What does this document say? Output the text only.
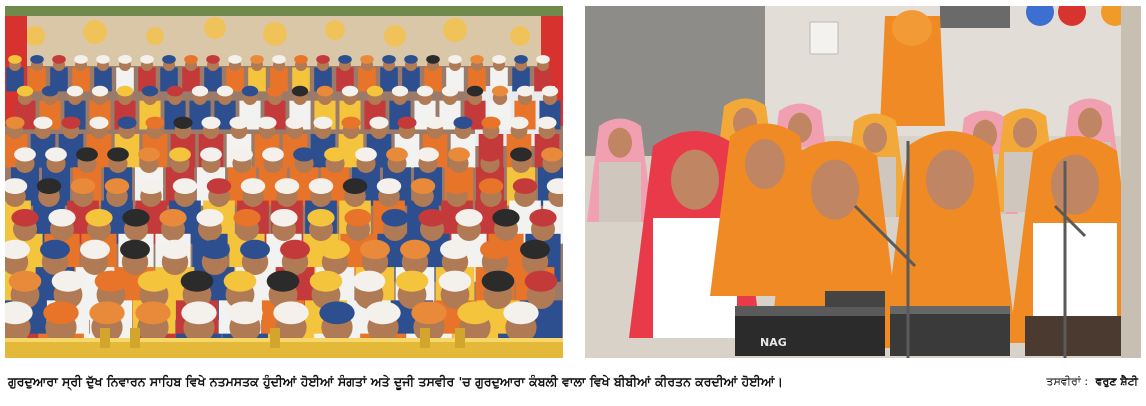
NAG
ਗੁਰਦੁਆਰਾ ਸ੍ਰੀ ਦੁੱਖ ਨਿਵਾਰਨ ਸਾਹਿਬ ਵਿਖੇ ਨਤਮਸਤਕ ਹੁੰਦੀਆਂ ਹੋਈਆਂ ਸੰਗਤਾਂ ਅਤੇ ਦੂਜੀ ਤਸਵੀਰ 'ਚ ਗੁਰਦੁਆਰਾ ਕੰਬਲੀ ਵਾਲਾ ਵਿਖੇ ਬੀਬੀਆਂ ਕੀਰਤਨ ਕਰਦੀਆਂ ਹੋਈਆਂ।	ਤਸਵੀਰਾਂ : ਵਰੁਣ ਸ਼ੈਟੀ
